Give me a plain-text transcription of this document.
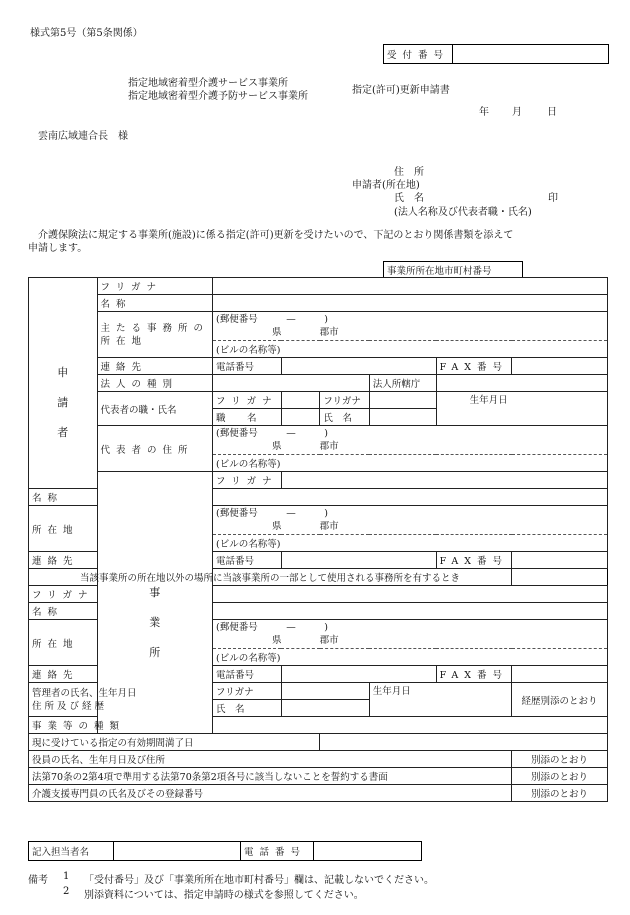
様式第5号（第5条関係）
受付番号	
指定地域密着型介護サービス事業所
指定地域密着型介護予防サービス事業所
指定(許可)更新申請書
年 月	日
雲南広域連合長　様
住　所
申請者(所在地)
氏　名	印
(法人名称及び代表者職・氏名)
介護保険法に規定する事業所(施設)に係る指定(許可)更新を受けたいので、下記のとおり関係書類を添えて
申請します。
事業所所在地市町村番号	
申
請
者	フリガナ						
	名称						

	主たる事務所の
所在地	(郵便番号　　　—　　　)
県　　　　 郡市					

		(ビルの名称等)					
	連絡先	電話番号				FAX番号	
	法人の種別				法人所轄庁		
	代表者の職・氏名	フリガナ		フリガナ		生年月日	
		職　名		氏　名			
	代表者の住所	(郵便番号　　　—　　　)
県　　　　 郡市					

		(ビルの名称等)					

	事
業
所	フリガナ					
名称							
所在地		(郵便番号　　　—　　　)
県　　　　 郡市					

		(ビルの名称等)					
連絡先		電話番号				FAX番号	
当該事業所の所在地以外の場所に当該事業所の一部として使用される事務所を有するとき							
フリガナ							
名称							
所在地		(郵便番号　　　—　　　)
県　　　　 郡市					

		(ビルの名称等)					
連絡先		電話番号				FAX番号	

管理者の氏名、生年月日
住所及び経歴		フリガナ			生年月日		経歴別添のとおり
		氏　名					
事業等の種類							
現に受けている指定の有効期間満了日							
役員の氏名、生年月日及び住所							別添のとおり
法第70条の2第4項で準用する法第70条第2項各号に該当しないことを誓約する書面							別添のとおり
介護支援専門員の氏名及びその登録番号							別添のとおり
記入担当者名		電話番号	
備考 1 「受付番号」及び「事業所所在地市町村番号」欄は、記載しないでください。
2 別添資料については、指定申請時の様式を参照してください。
